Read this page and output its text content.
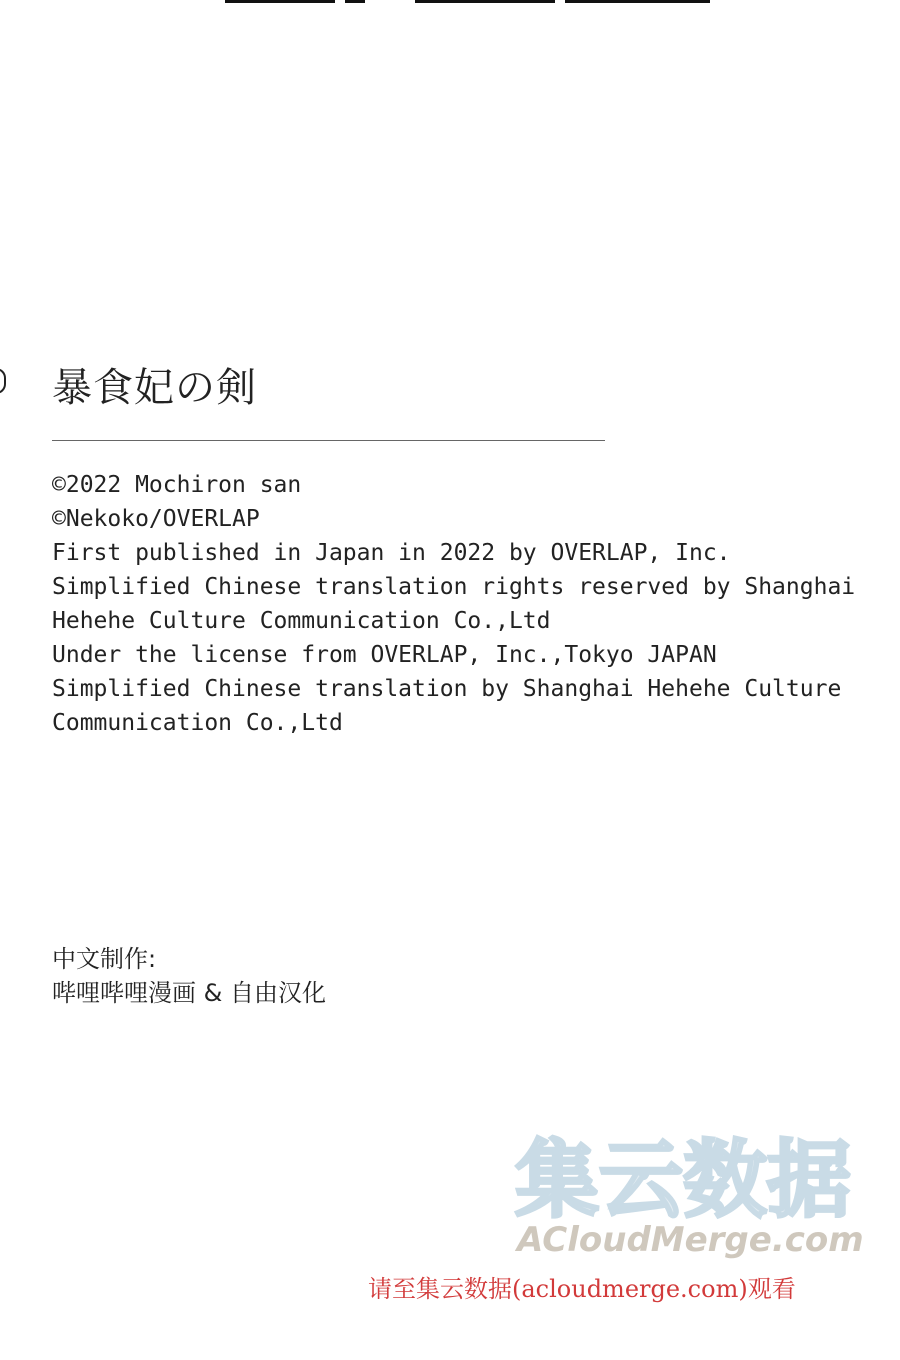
暴食妃の剣
©2022 Mochiron san
©Nekoko/OVERLAP
First published in Japan in 2022 by OVERLAP, Inc.
Simplified Chinese translation rights reserved by Shanghai
Hehehe Culture Communication Co.,Ltd
Under the license from OVERLAP, Inc.,Tokyo JAPAN
Simplified Chinese translation by Shanghai Hehehe Culture
Communication Co.,Ltd
中文制作:
哔哩哔哩漫画 & 自由汉化
集云数据
ACloudMerge.com
请至集云数据(acloudmerge.com)观看
